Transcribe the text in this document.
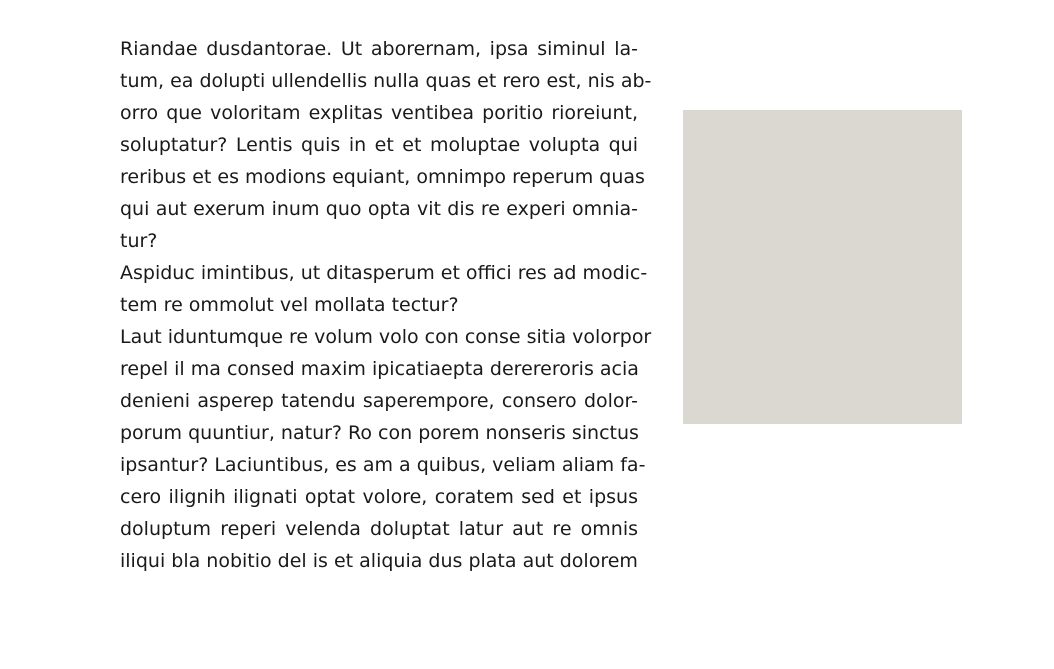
Riandae dusdantorae. Ut aborernam, ipsa siminul la-
tum, ea dolupti ullendellis nulla quas et rero est, nis ab-
orro que voloritam explitas ventibea poritio rioreiunt,
soluptatur? Lentis quis in et et moluptae volupta qui
reribus et es modions equiant, omnimpo reperum quas
qui aut exerum inum quo opta vit dis re experi omnia-
tur?

Aspiduc imintibus, ut ditasperum et offici res ad modic-
tem re ommolut vel mollata tectur?

Laut iduntumque re volum volo con conse sitia volorpor
repel il ma consed maxim ipicatiaepta derereroris acia
denieni asperep tatendu saperempore, consero dolor-
porum quuntiur, natur? Ro con porem nonseris sinctus
ipsantur? Laciuntibus, es am a quibus, veliam aliam fa-
cero ilignih ilignati optat volore, coratem sed et ipsus
doluptum reperi velenda doluptat latur aut re omnis
iliqui bla nobitio del is et aliquia dus plata aut dolorem
